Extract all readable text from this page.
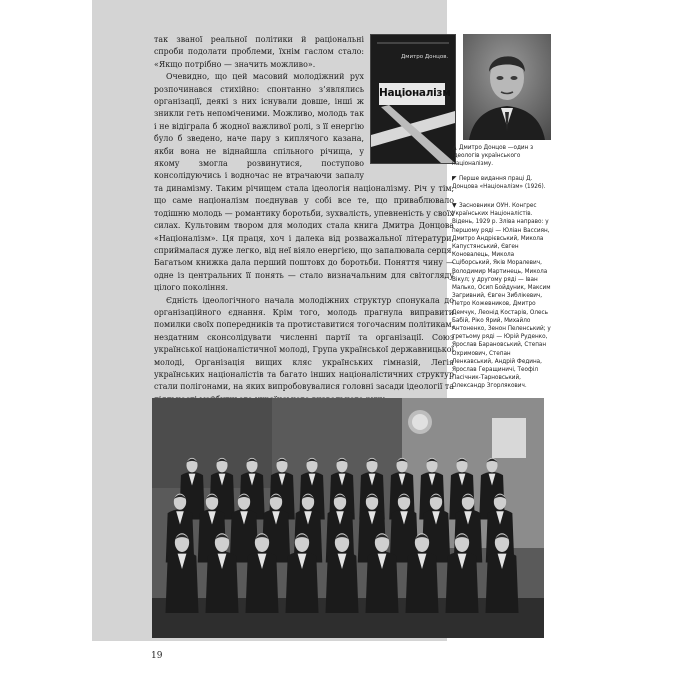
Дмитро Донцов.
Націоналізм

так званої реальної політики й раціональні спроби подолати проблеми, їхнім гаслом стало: «Якщо потрібно — значить можливо».

Очевидно, що цей масовий молодіжний рух розпочинався стихійно: спонтанно з’являлись організації, деякі з них існували довше, інші ж зникли геть непоміченими. Можливо, молодь так і не відіграла б жодної важливої ролі, з її енергію було б зведено, наче пару з киплячого казана, якби вона не віднайшла спільного річища, у якому змогла розвинутися, поступово консолідуючись і водночас не втрачаючи запалу та динамізму. Таким річищем стала ідеологія націоналізму. Річ у тім, що саме націоналізм поєднував у собі все те, що приваблювало тодішню молодь — романтику боротьби, зухвалість, упевненість у своїх силах. Культовим твором для молодих стала книга Дмитра Донцова «Націоналізм». Ця праця, хоч і далека від розважальної літератури, сприймалася дуже легко, від неї віяло енергією, що запалювала серця. Багатьом книжка дала перший поштовх до боротьби. Поняття чину — одне із центральних її понять — стало визначальним для світогляду цілого покоління.

Єдність ідеологічного начала молодіжних структур спонукала до організаційного єднання. Крім того, молодь прагнула виправити помилки своїх попередників та протиставитися тогочасним політикам, нездатним сконсолідувати численні партії та організації. Союз української націоналістичної молоді, Група української державницької молоді, Організація вищих кляс українських гімназій, Легія українських націоналістів та багато інших націоналістичних структур стали полігонами, на яких випробовувалися головні засади ідеології та

▲ Дмитро Донцов —один з ідеологів українського націоналізму.
◤ Перше видання праці Д. Донцова «Націоналізм» (1926).
▼ Засновники ОУН. Конгрес Українських Націоналістів. Відень, 1929 р. Зліва направо: у першому ряді — Юліан Вассиян, Дмитро Андрієвський, Микола Капустянський, Євген Коновалець, Микола Сціборський, Яків Моралевич, Володимир Мартинець, Микола Вікул; у другому ряді — Іван Малько, Осип Бойдуник, Максим Загривний, Євген Зиблікевич, Петро Кожевников, Дмитро Демчук, Леонід Костарів, Олесь Бабій, Ріко Ярий, Михайло Антоненко, Зенон Пеленський; у третьому ряді — Юрій Руденко, Ярослав Барановський, Степан Охримович, Степан Ленкавський, Андрій Федина, Ярослав Геращиничі, Теофіл Пасічник-Тарновський, Олександр Згорлякович.
19
